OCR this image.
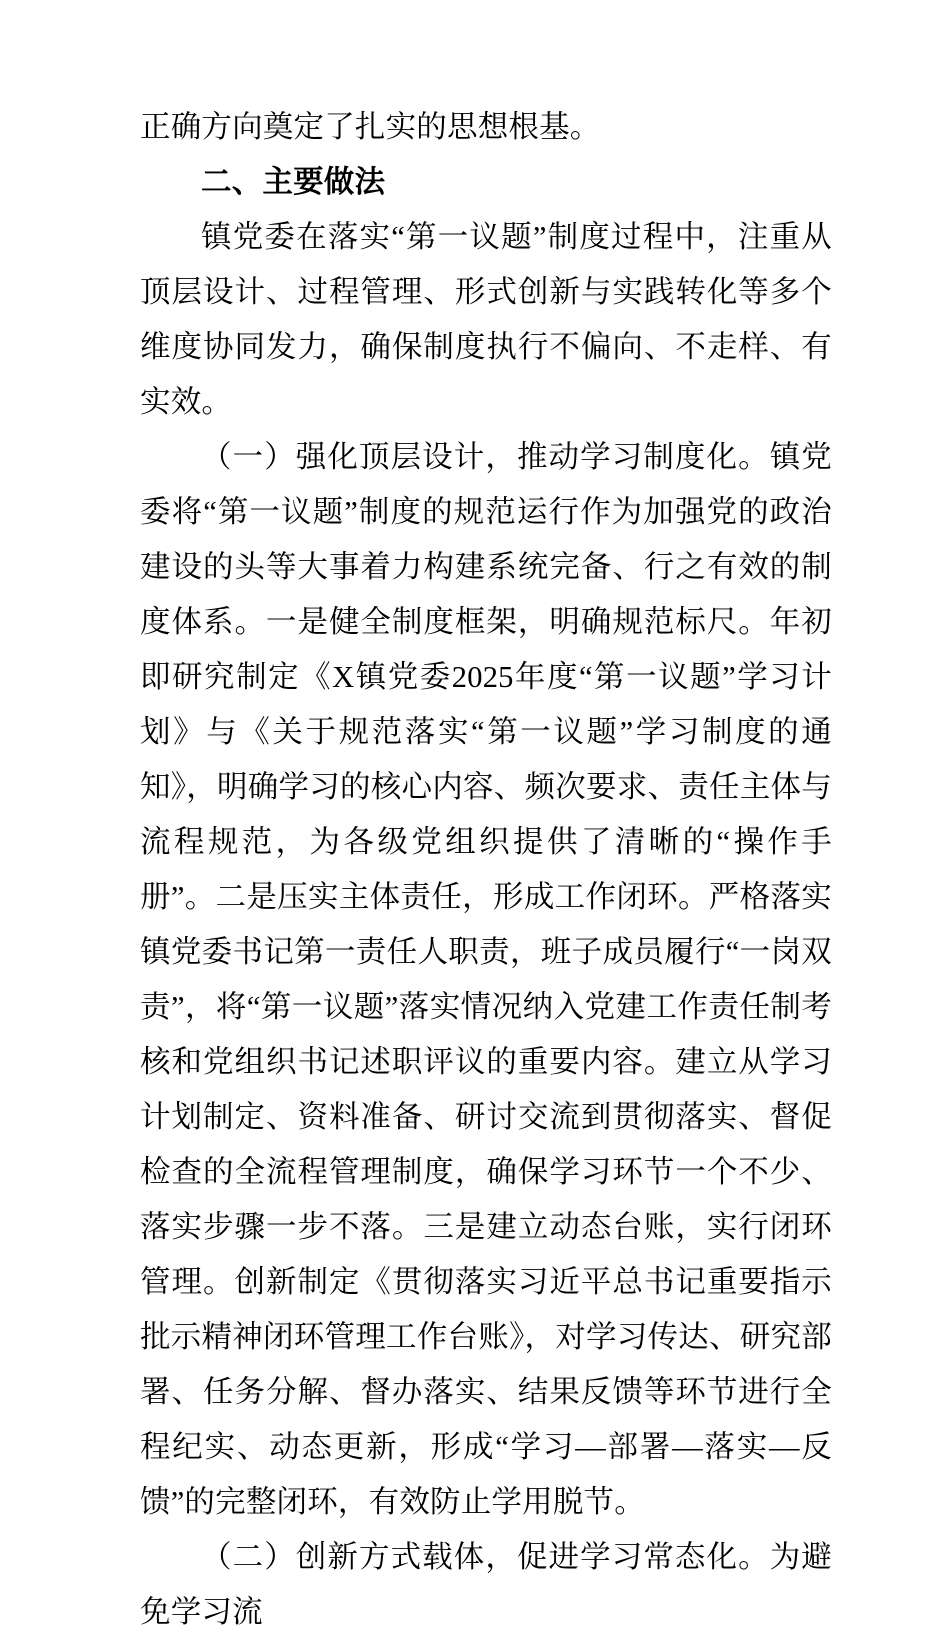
正确方向奠定了扎实的思想根基。

二、主要做法

镇党委在落实“第一议题”制度过程中，注重从顶层设计、过程管理、形式创新与实践转化等多个维度协同发力，确保制度执行不偏向、不走样、有实效。

（一）强化顶层设计，推动学习制度化。镇党委将“第一议题”制度的规范运行作为加强党的政治建设的头等大事着力构建系统完备、行之有效的制度体系。一是健全制度框架，明确规范标尺。年初即研究制定《X镇党委2025年度“第一议题”学习计划》与《关于规范落实“第一议题”学习制度的通知》，明确学习的核心内容、频次要求、责任主体与流程规范，为各级党组织提供了清晰的“操作手册”。二是压实主体责任，形成工作闭环。严格落实镇党委书记第一责任人职责，班子成员履行“一岗双责”，将“第一议题”落实情况纳入党建工作责任制考核和党组织书记述职评议的重要内容。建立从学习计划制定、资料准备、研讨交流到贯彻落实、督促检查的全流程管理制度，确保学习环节一个不少、落实步骤一步不落。三是建立动态台账，实行闭环管理。创新制定《贯彻落实习近平总书记重要指示批示精神闭环管理工作台账》，对学习传达、研究部署、任务分解、督办落实、结果反馈等环节进行全程纪实、动态更新，形成“学习—部署—落实—反馈”的完整闭环，有效防止学用脱节。

（二）创新方式载体，促进学习常态化。为避免学习流
